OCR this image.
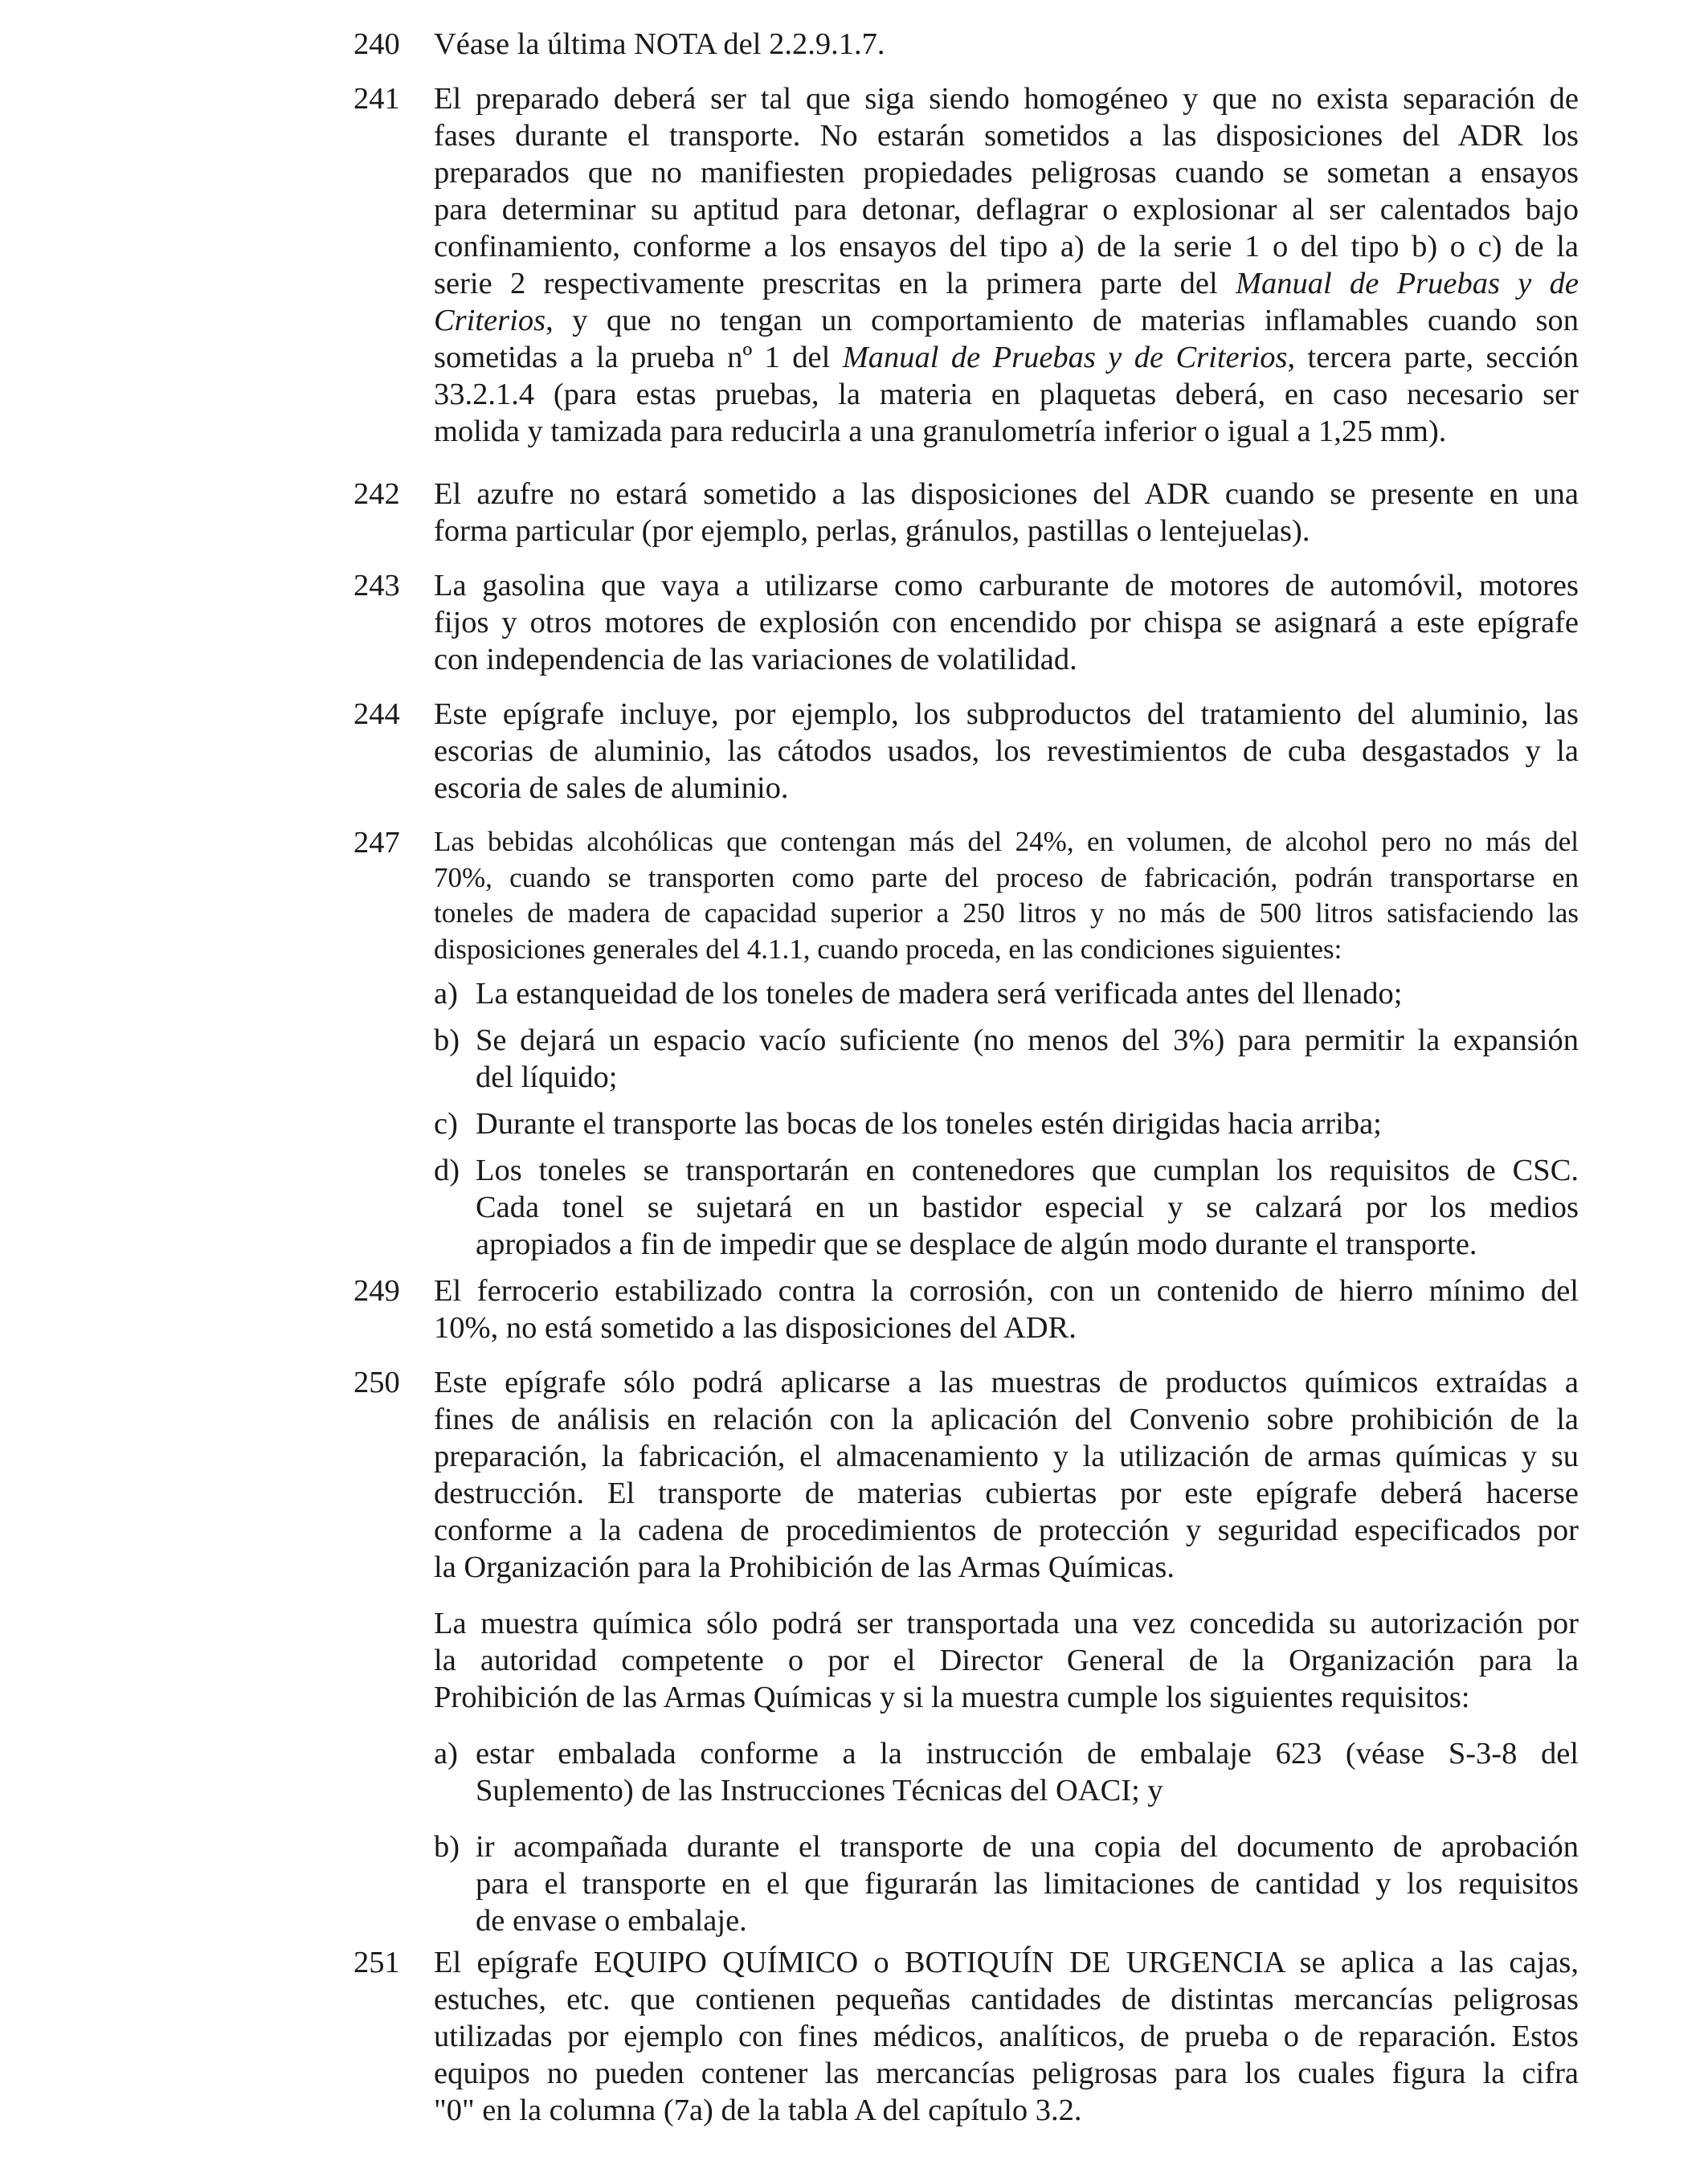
240	Véase la última NOTA del 2.2.9.1.7.
241	El preparado deberá ser tal que siga siendo homogéneo y que no exista separación de
fases durante el transporte. No estarán sometidos a las disposiciones del ADR los
preparados que no manifiesten propiedades peligrosas cuando se sometan a ensayos
para determinar su aptitud para detonar, deflagrar o explosionar al ser calentados bajo
confinamiento, conforme a los ensayos del tipo a) de la serie 1 o del tipo b) o c) de la
serie 2 respectivamente prescritas en la primera parte del Manual de Pruebas y de
Criterios, y que no tengan un comportamiento de materias inflamables cuando son
sometidas a la prueba nº 1 del Manual de Pruebas y de Criterios, tercera parte, sección
33.2.1.4 (para estas pruebas, la materia en plaquetas deberá, en caso necesario ser
molida y tamizada para reducirla a una granulometría inferior o igual a 1,25 mm).
242	El azufre no estará sometido a las disposiciones del ADR cuando se presente en una
forma particular (por ejemplo, perlas, gránulos, pastillas o lentejuelas).
243	La gasolina que vaya a utilizarse como carburante de motores de automóvil, motores
fijos y otros motores de explosión con encendido por chispa se asignará a este epígrafe
con independencia de las variaciones de volatilidad.
244	Este epígrafe incluye, por ejemplo, los subproductos del tratamiento del aluminio, las
escorias de aluminio, las cátodos usados, los revestimientos de cuba desgastados y la
escoria de sales de aluminio.
247	Las bebidas alcohólicas que contengan más del 24%, en volumen, de alcohol pero no más del
70%, cuando se transporten como parte del proceso de fabricación, podrán transportarse en
toneles de madera de capacidad superior a 250 litros y no más de 500 litros satisfaciendo las
disposiciones generales del 4.1.1, cuando proceda, en las condiciones siguientes:
a) La estanqueidad de los toneles de madera será verificada antes del llenado;
b) Se dejará un espacio vacío suficiente (no menos del 3%) para permitir la expansión
del líquido;
c) Durante el transporte las bocas de los toneles estén dirigidas hacia arriba;
d) Los toneles se transportarán en contenedores que cumplan los requisitos de CSC.
Cada tonel se sujetará en un bastidor especial y se calzará por los medios
apropiados a fin de impedir que se desplace de algún modo durante el transporte.
249	El ferrocerio estabilizado contra la corrosión, con un contenido de hierro mínimo del
10%, no está sometido a las disposiciones del ADR.
250	Este epígrafe sólo podrá aplicarse a las muestras de productos químicos extraídas a
fines de análisis en relación con la aplicación del Convenio sobre prohibición de la
preparación, la fabricación, el almacenamiento y la utilización de armas químicas y su
destrucción. El transporte de materias cubiertas por este epígrafe deberá hacerse
conforme a la cadena de procedimientos de protección y seguridad especificados por
la Organización para la Prohibición de las Armas Químicas.
La muestra química sólo podrá ser transportada una vez concedida su autorización por
la autoridad competente o por el Director General de la Organización para la
Prohibición de las Armas Químicas y si la muestra cumple los siguientes requisitos:
a) estar embalada conforme a la instrucción de embalaje 623 (véase S-3-8 del
Suplemento) de las Instrucciones Técnicas del OACI; y
b) ir acompañada durante el transporte de una copia del documento de aprobación
para el transporte en el que figurarán las limitaciones de cantidad y los requisitos
de envase o embalaje.
251	El epígrafe EQUIPO QUÍMICO o BOTIQUÍN DE URGENCIA se aplica a las cajas,
estuches, etc. que contienen pequeñas cantidades de distintas mercancías peligrosas
utilizadas por ejemplo con fines médicos, analíticos, de prueba o de reparación. Estos
equipos no pueden contener las mercancías peligrosas para los cuales figura la cifra
"0" en la columna (7a) de la tabla A del capítulo 3.2.
